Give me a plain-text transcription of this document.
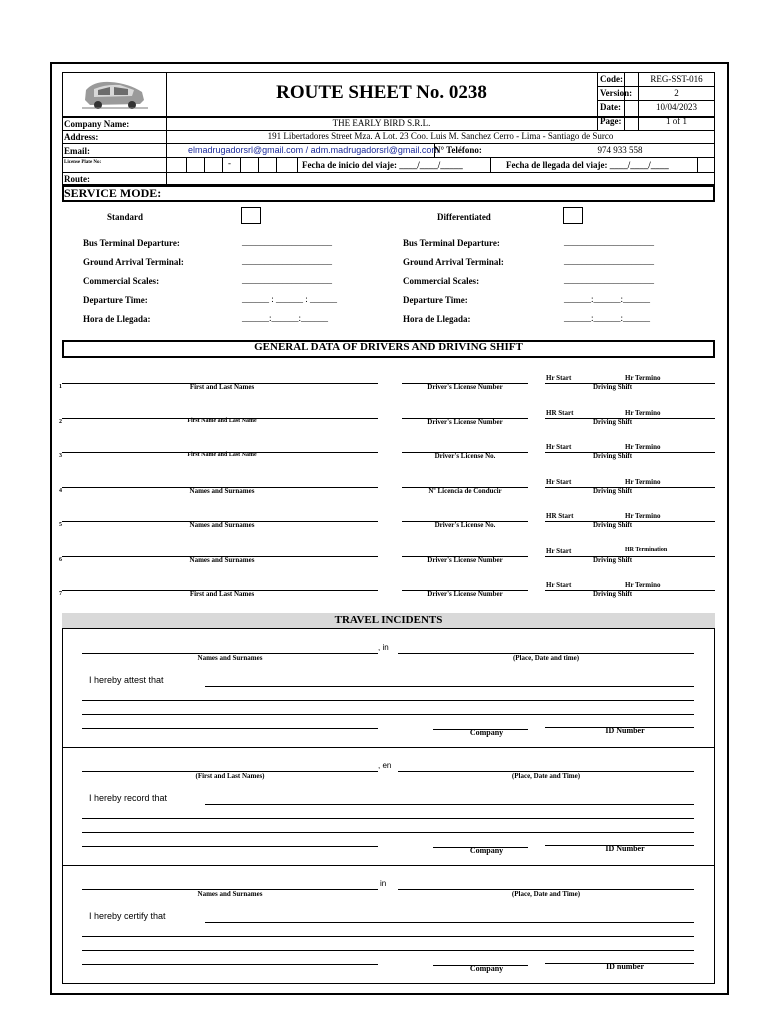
ROUTE SHEET No. 0238
Code:	REG-SST-016
Version:	2
Date:	10/04/2023
Page:	1 of 1
Company Name:	THE EARLY BIRD S.R.L.
Address:	191 Libertadores Street Mza. A Lot. 23 Coo. Luis M. Sanchez Cerro - Lima - Santiago de Surco
Email:	elmadrugadorsrl@gmail.com / adm.madrugadorsrl@gmail.com
N° Teléfono:	974 933 558
License Plate No:	-	Fecha de inicio del viaje: ____/____/_____	Fecha de llegada del viaje: ____/____/____
Route:
SERVICE MODE:
Standard	Differentiated
Bus Terminal Departure:	____________________
Ground Arrival Terminal:	____________________
Commercial Scales:	____________________
Departure Time:	______ : ______ : ______
Hora de Llegada:	______:______:______
Bus Terminal Departure:	____________________
Ground Arrival Terminal:	____________________
Commercial Scales:	____________________
Departure Time:	______:______:______
Hora de Llegada:	______:______:______
GENERAL DATA OF DRIVERS AND DRIVING SHIFT
1	First and Last Names	Driver's License Number
Hr Start	Hr Termino
Driving Shift
2	First Name and Last Name	Driver's License Number
HR Start	Hr Termino
Driving Shift
3	First Name and Last Name	Driver's License No.
Hr Start	Hr Termino
Driving Shift
4	Names and Surnames	Nº Licencia de Conducir
Hr Start	Hr Termino
Driving Shift
5	Names and Surnames	Driver's License No.
HR Start	Hr Termino
Driving Shift
6	Names and Surnames	Driver's License Number
Hr Start	HR Termination
Driving Shift
7	First and Last Names	Driver's License Number
Hr Start	Hr Termino
Driving Shift
TRAVEL INCIDENTS
, in
Names and Surnames	(Place, Date and time)
I hereby attest that
Company	ID Number
, en
(First and Last Names)	(Place, Date and Time)
I hereby record that
Company	ID Number
in
Names and Surnames	(Place, Date and Time)
I hereby certify that
Company	ID number
